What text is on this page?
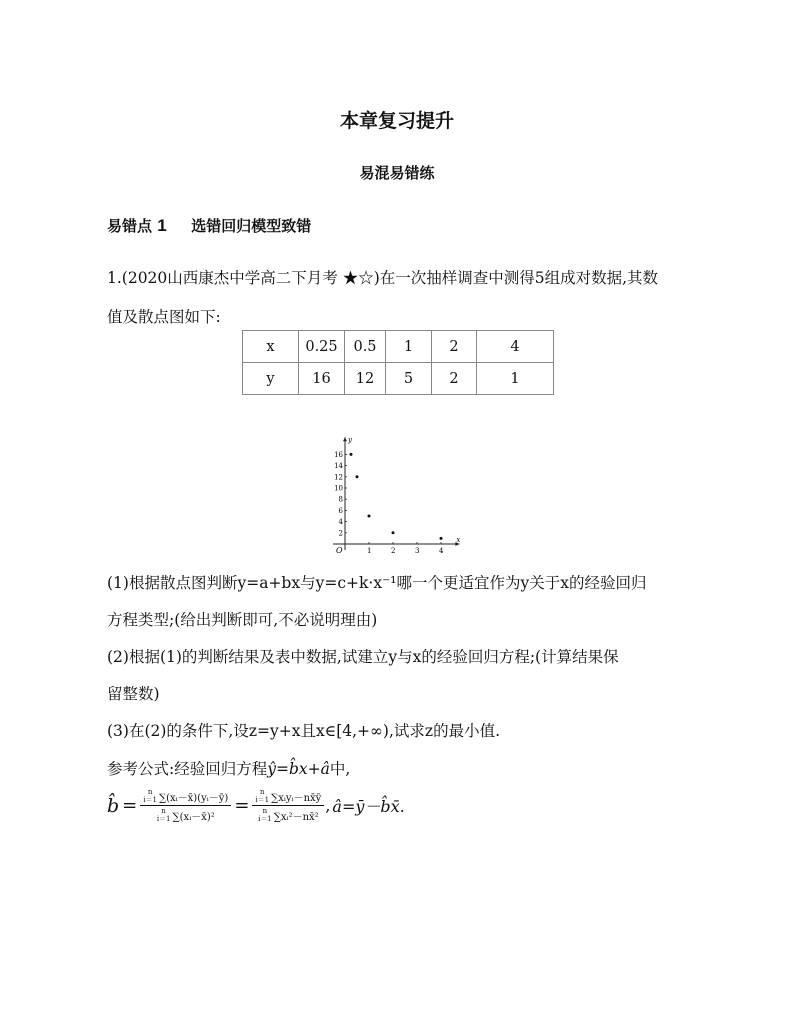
本章复习提升
易混易错练
易错点 1 选错回归模型致错
1.(2020山西康杰中学高二下月考 ★☆)在一次抽样调查中测得5组成对数据,其数
值及散点图如下:
x	0.25	0.5	1	2	4
y	16	12	5	2	1
x
y
O	1	2	3	4
2
4
6
8
10
12
14
16
(1)根据散点图判断y=a+bx与y=c+k·x⁻¹哪一个更适宜作为y关于x的经验回归
方程类型;(给出判断即可,不必说明理由)
(2)根据(1)的判断结果及表中数据,试建立y与x的经验回归方程;(计算结果保
留整数)
(3)在(2)的条件下,设z=y+x且x∈[4,+∞),试求z的最小值.
参考公式:经验回归方程ŷ=b̂x+â中,
b̂ =
n
i＝1 ∑(xᵢ－x̄)(yᵢ－ȳ)
n
i＝1 ∑(xᵢ－x̄)²
=
n
i＝1 ∑xᵢyᵢ－nx̄ȳ
n
i＝1 ∑xᵢ²－nx̄²
, â=ȳ－b̂x̄.
